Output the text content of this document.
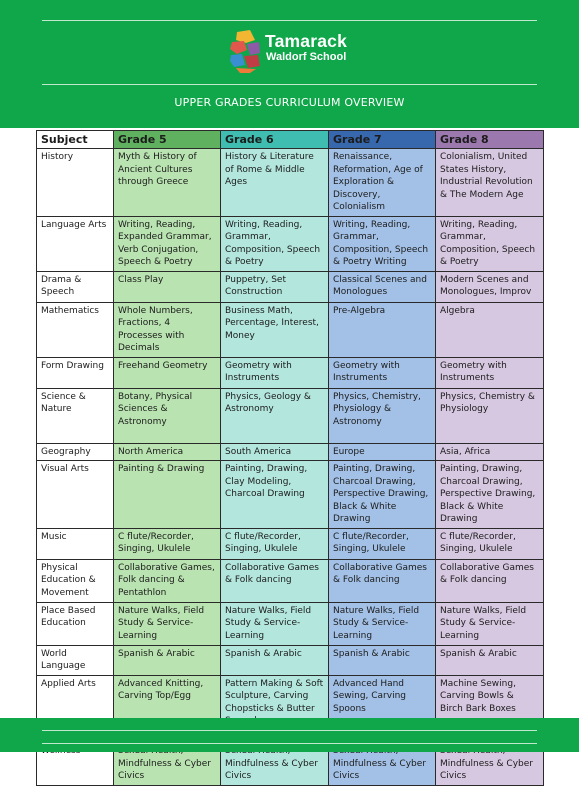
Tamarack
Waldorf School
UPPER GRADES CURRICULUM OVERVIEW
Subject	Grade 5	Grade 6	Grade 7	Grade 8
History	Myth & History of Ancient Cultures through Greece	History & Literature of Rome & Middle Ages	Renaissance, Reformation, Age of Exploration & Discovery, Colonialism	Colonialism, United States History, Industrial Revolution & The Modern Age
Language Arts	Writing, Reading, Expanded Grammar, Verb Conjugation, Speech & Poetry	Writing, Reading, Grammar, Composition, Speech & Poetry	Writing, Reading, Grammar, Composition, Speech & Poetry Writing	Writing, Reading, Grammar, Composition, Speech & Poetry
Drama & Speech	Class Play	Puppetry, Set Construction	Classical Scenes and Monologues	Modern Scenes and Monologues, Improv
Mathematics	Whole Numbers, Fractions, 4 Processes with Decimals	Business Math, Percentage, Interest, Money	Pre-Algebra	Algebra
Form Drawing	Freehand Geometry	Geometry with Instruments	Geometry with Instruments	Geometry with Instruments
Science & Nature	Botany, Physical Sciences & Astronomy	Physics, Geology & Astronomy	Physics, Chemistry, Physiology & Astronomy	Physics, Chemistry & Physiology
Geography	North America	South America	Europe	Asia, Africa
Visual Arts	Painting & Drawing	Painting, Drawing, Clay Modeling, Charcoal Drawing	Painting, Drawing, Charcoal Drawing, Perspective Drawing, Black & White Drawing	Painting, Drawing, Charcoal Drawing, Perspective Drawing, Black & White Drawing
Music	C flute/Recorder, Singing, Ukulele	C flute/Recorder, Singing, Ukulele	C flute/Recorder, Singing, Ukulele	C flute/Recorder, Singing, Ukulele
Physical Education & Movement	Collaborative Games, Folk dancing & Pentathlon	Collaborative Games & Folk dancing	Collaborative Games & Folk dancing	Collaborative Games & Folk dancing
Place Based Education	Nature Walks, Field Study & Service-Learning	Nature Walks, Field Study & Service-Learning	Nature Walks, Field Study & Service-Learning	Nature Walks, Field Study & Service-Learning
World Language	Spanish & Arabic	Spanish & Arabic	Spanish & Arabic	Spanish & Arabic
Applied Arts	Advanced Knitting, Carving Top/Egg	Pattern Making & Soft Sculpture, Carving Chopsticks & Butter	Advanced Hand Sewing, Carving Spoons	Machine Sewing, Carving Bowls & Birch Bark Boxes
	Mindfulness & Cyber Civics	Mindfulness & Cyber Civics	Mindfulness & Cyber Civics	Mindfulness & Cyber Civics
